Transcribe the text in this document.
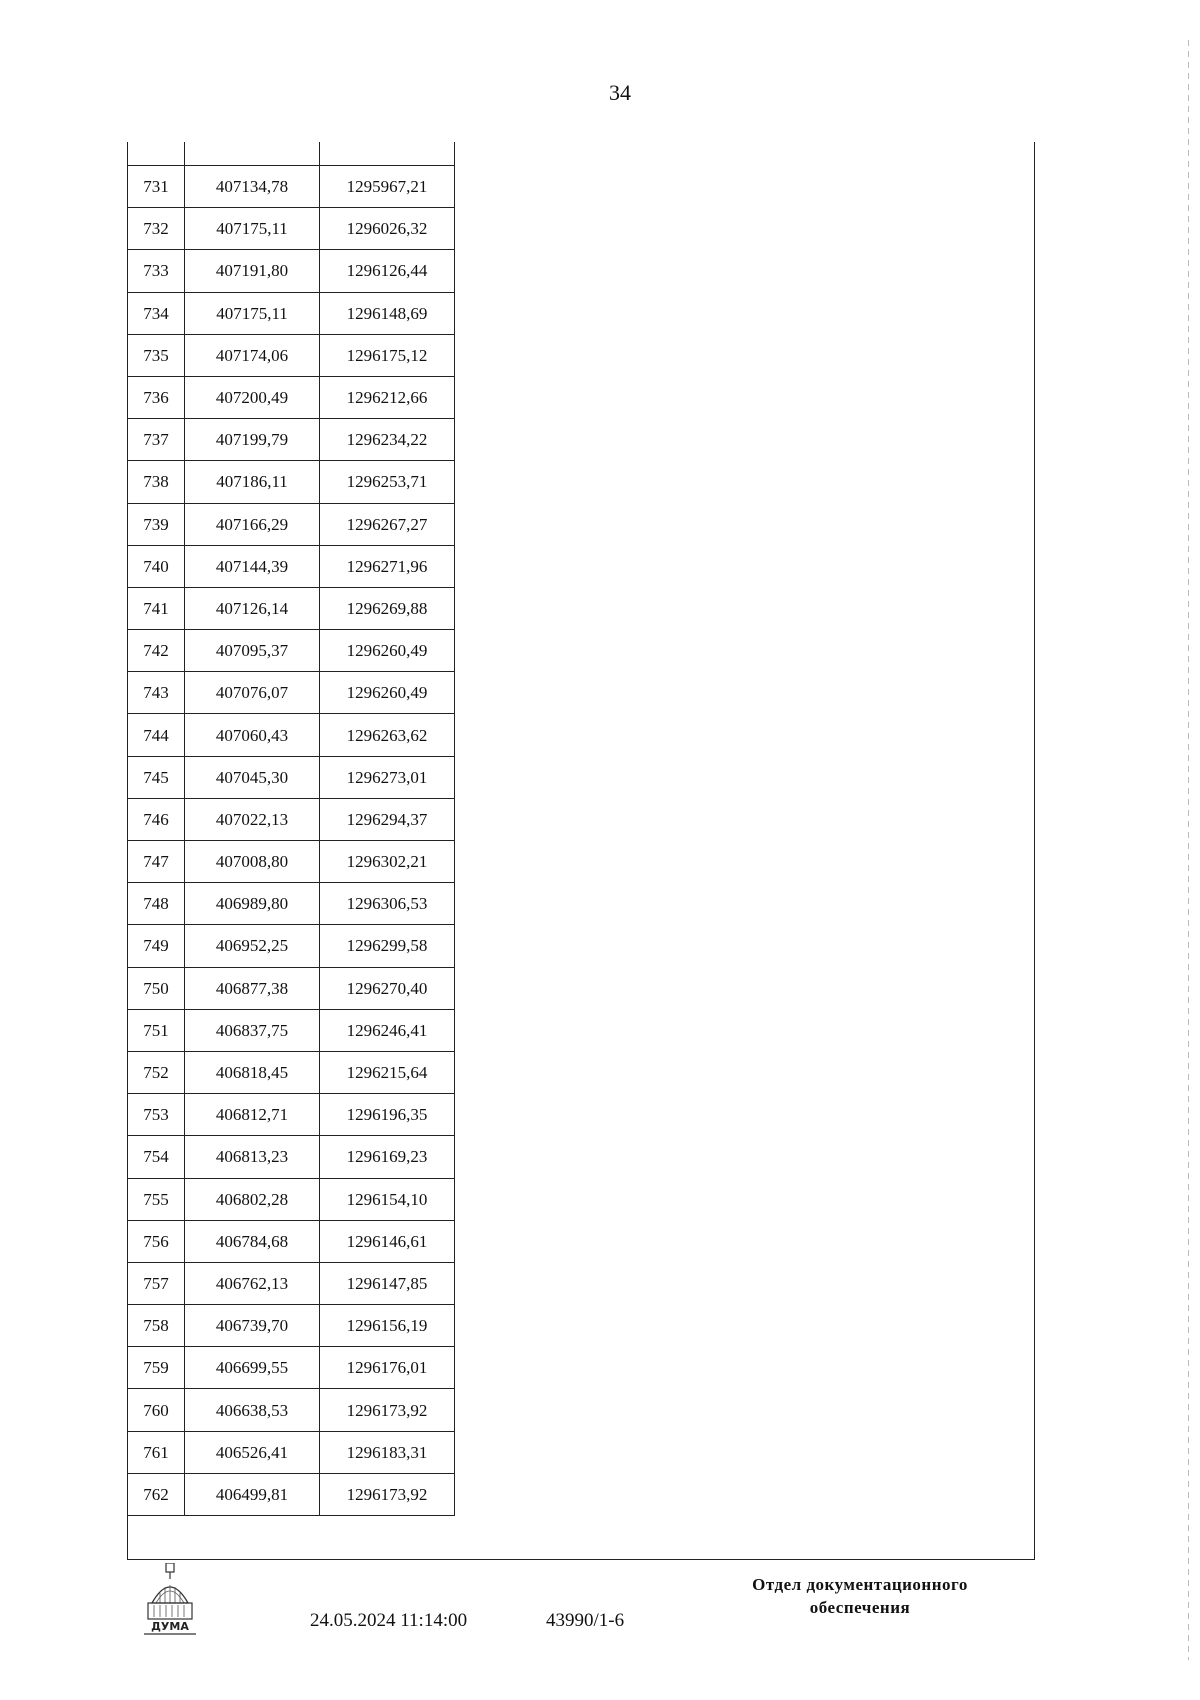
34
731	407134,78	1295967,21
732	407175,11	1296026,32
733	407191,80	1296126,44
734	407175,11	1296148,69
735	407174,06	1296175,12
736	407200,49	1296212,66
737	407199,79	1296234,22
738	407186,11	1296253,71
739	407166,29	1296267,27
740	407144,39	1296271,96
741	407126,14	1296269,88
742	407095,37	1296260,49
743	407076,07	1296260,49
744	407060,43	1296263,62
745	407045,30	1296273,01
746	407022,13	1296294,37
747	407008,80	1296302,21
748	406989,80	1296306,53
749	406952,25	1296299,58
750	406877,38	1296270,40
751	406837,75	1296246,41
752	406818,45	1296215,64
753	406812,71	1296196,35
754	406813,23	1296169,23
755	406802,28	1296154,10
756	406784,68	1296146,61
757	406762,13	1296147,85
758	406739,70	1296156,19
759	406699,55	1296176,01
760	406638,53	1296173,92
761	406526,41	1296183,31
762	406499,81	1296173,92
ДУМА	24.05.2024 11:14:00	43990/1-6
Отдел документационного
обеспечения
